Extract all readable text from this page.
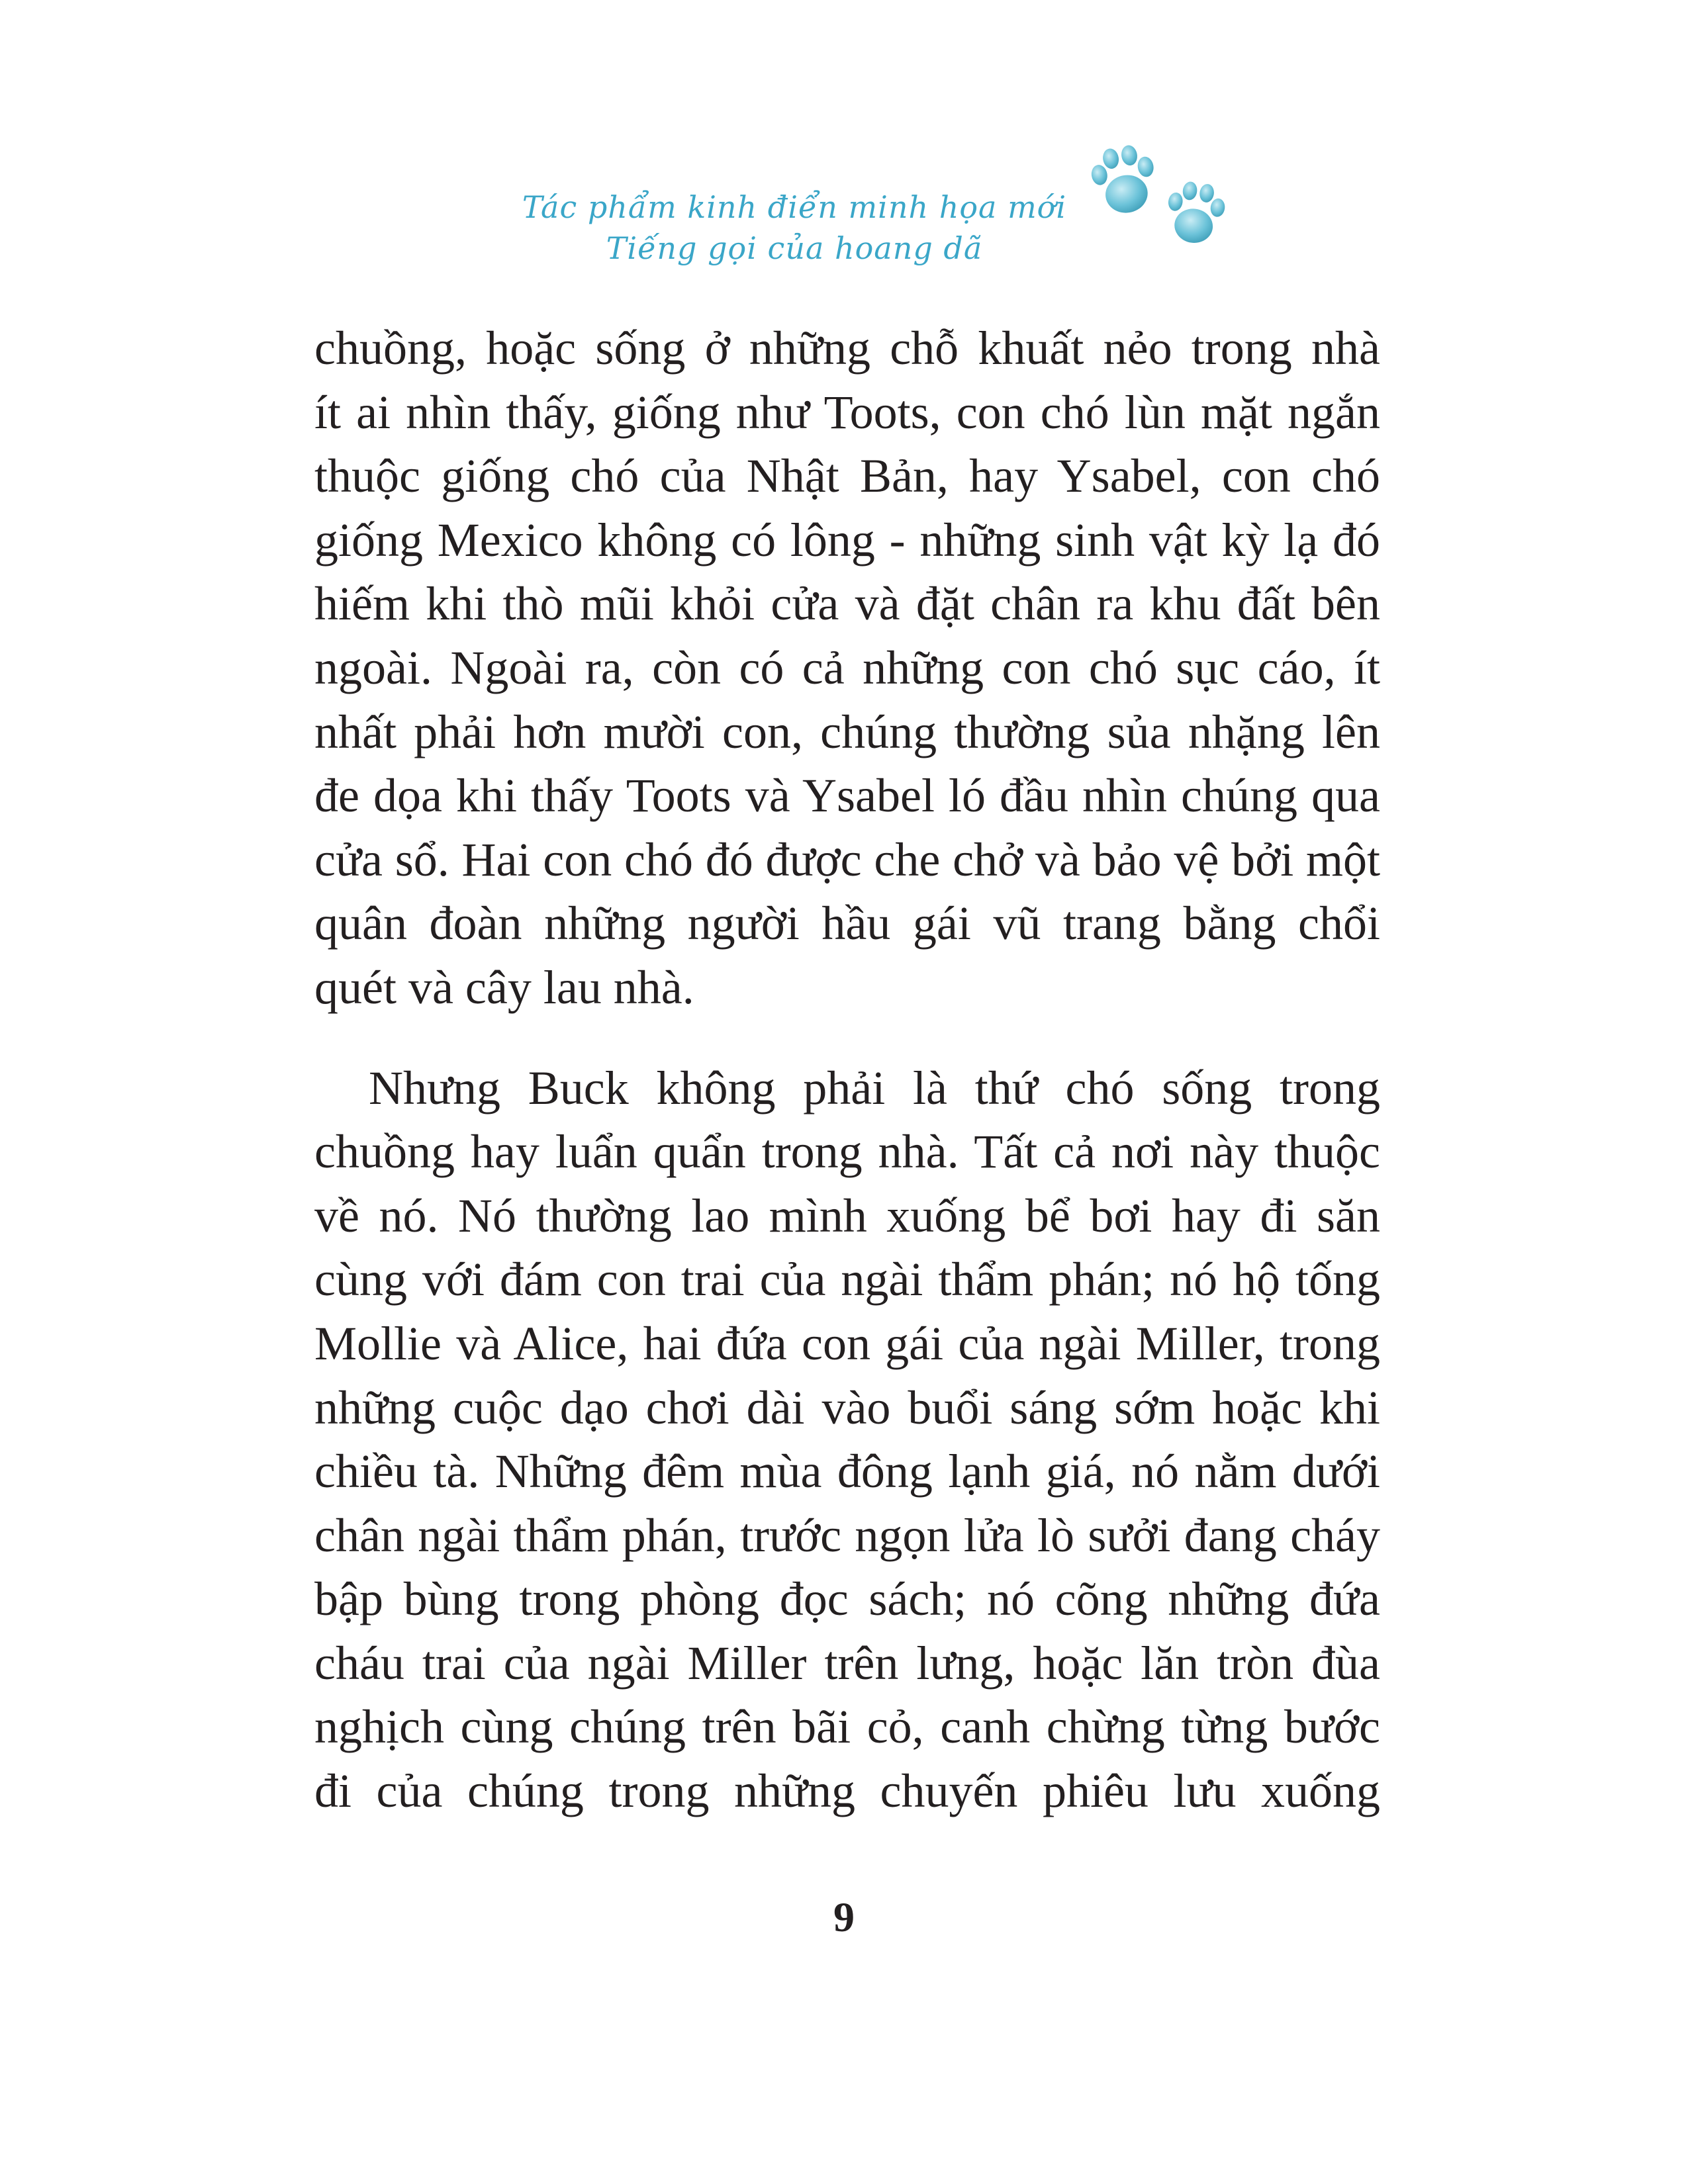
Tác phẩm kinh điển minh họa mới
Tiếng gọi của hoang dã
chuồng, hoặc sống ở những chỗ khuất nẻo trong nhà
ít ai nhìn thấy, giống như Toots, con chó lùn mặt ngắn
thuộc giống chó của Nhật Bản, hay Ysabel, con chó
giống Mexico không có lông - những sinh vật kỳ lạ đó
hiếm khi thò mũi khỏi cửa và đặt chân ra khu đất bên
ngoài. Ngoài ra, còn có cả những con chó sục cáo, ít
nhất phải hơn mười con, chúng thường sủa nhặng lên
đe dọa khi thấy Toots và Ysabel ló đầu nhìn chúng qua
cửa sổ. Hai con chó đó được che chở và bảo vệ bởi một
quân đoàn những người hầu gái vũ trang bằng chổi
quét và cây lau nhà.
Nhưng Buck không phải là thứ chó sống trong
chuồng hay luẩn quẩn trong nhà. Tất cả nơi này thuộc
về nó. Nó thường lao mình xuống bể bơi hay đi săn
cùng với đám con trai của ngài thẩm phán; nó hộ tống
Mollie và Alice, hai đứa con gái của ngài Miller, trong
những cuộc dạo chơi dài vào buổi sáng sớm hoặc khi
chiều tà. Những đêm mùa đông lạnh giá, nó nằm dưới
chân ngài thẩm phán, trước ngọn lửa lò sưởi đang cháy
bập bùng trong phòng đọc sách; nó cõng những đứa
cháu trai của ngài Miller trên lưng, hoặc lăn tròn đùa
nghịch cùng chúng trên bãi cỏ, canh chừng từng bước
đi của chúng trong những chuyến phiêu lưu xuống
9
